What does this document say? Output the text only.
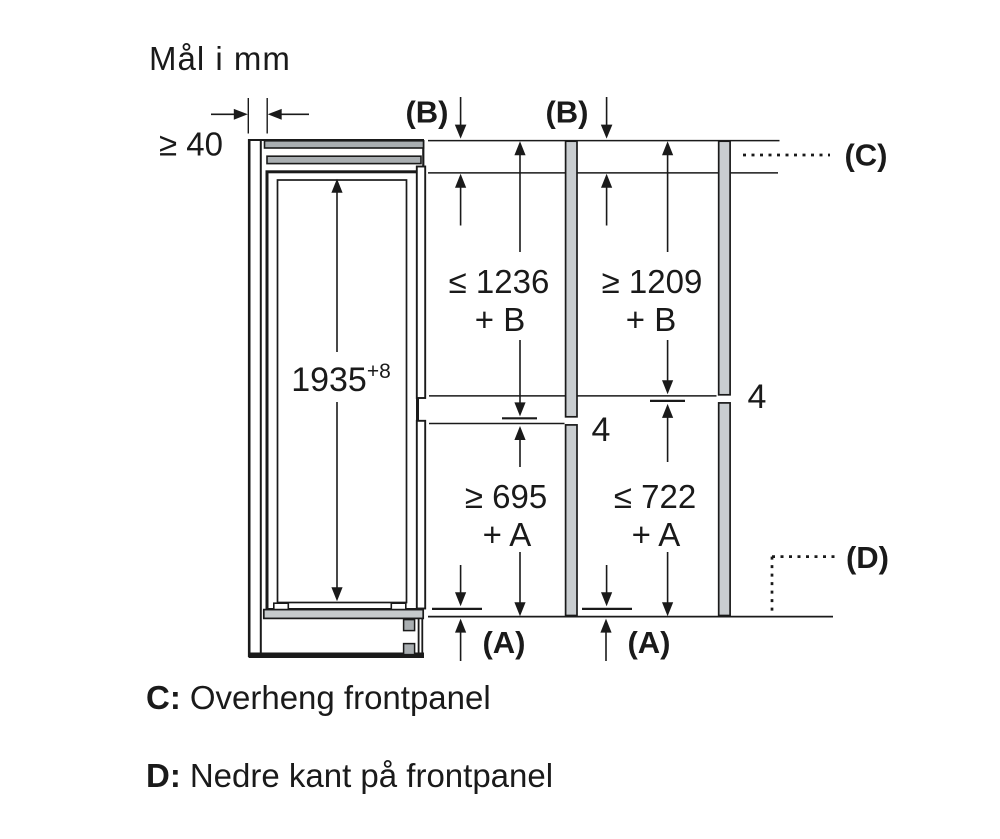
Mål i mm
≥ 40
(B)	(B)
(C)
≤ 1236
+ B
≥ 695
+ A
4
(A)
≥ 1209
+ B
≤ 722
+ A
4
(A)
$1935^{+8}$
(D)
C: Overheng frontpanel
D: Nedre kant på frontpanel
